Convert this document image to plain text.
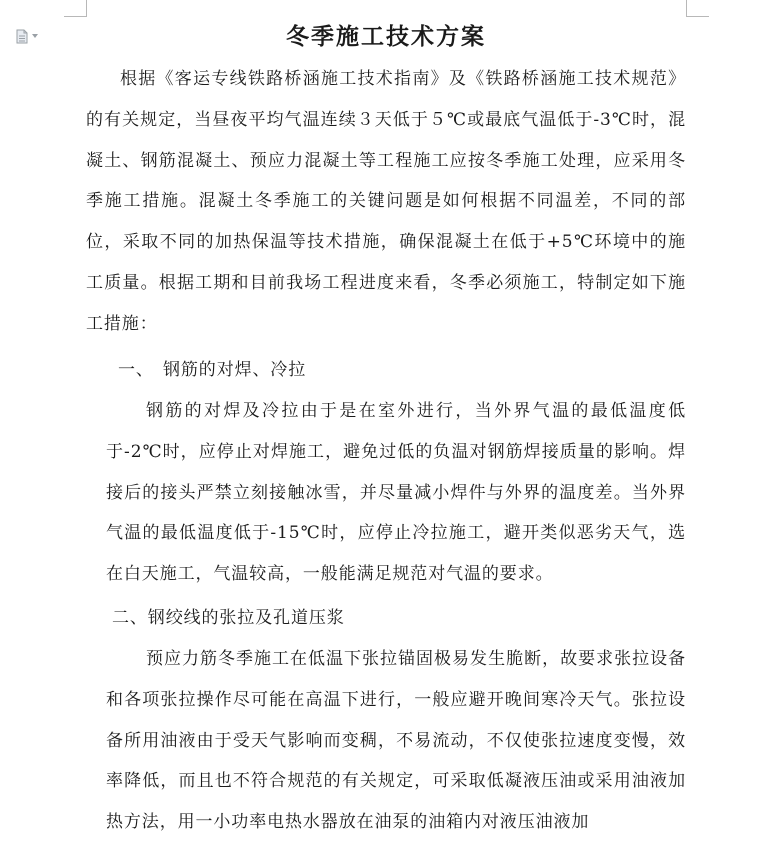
冬季施工技术方案

根据《客运专线铁路桥涵施工技术指南》及《铁路桥涵施工技术规范》的有关规定，当昼夜平均气温连续３天低于５℃或最底气温低于-3℃时，混凝土、钢筋混凝土、预应力混凝土等工程施工应按冬季施工处理，应采用冬季施工措施。混凝土冬季施工的关键问题是如何根据不同温差，不同的部位，采取不同的加热保温等技术措施，确保混凝土在低于+5℃环境中的施工质量。根据工期和目前我场工程进度来看，冬季必须施工，特制定如下施工措施：

一、 钢筋的对焊、冷拉

钢筋的对焊及冷拉由于是在室外进行，当外界气温的最低温度低于-2℃时，应停止对焊施工，避免过低的负温对钢筋焊接质量的影响。焊接后的接头严禁立刻接触冰雪，并尽量减小焊件与外界的温度差。当外界气温的最低温度低于-15℃时，应停止冷拉施工，避开类似恶劣天气，选在白天施工，气温较高，一般能满足规范对气温的要求。

二、钢绞线的张拉及孔道压浆

预应力筋冬季施工在低温下张拉锚固极易发生脆断，故要求张拉设备和各项张拉操作尽可能在高温下进行，一般应避开晚间寒冷天气。张拉设备所用油液由于受天气影响而变稠，不易流动，不仅使张拉速度变慢，效率降低，而且也不符合规范的有关规定，可采取低凝液压油或采用油液加热方法，用一小功率电热水器放在油泵的油箱内对液压油液加
